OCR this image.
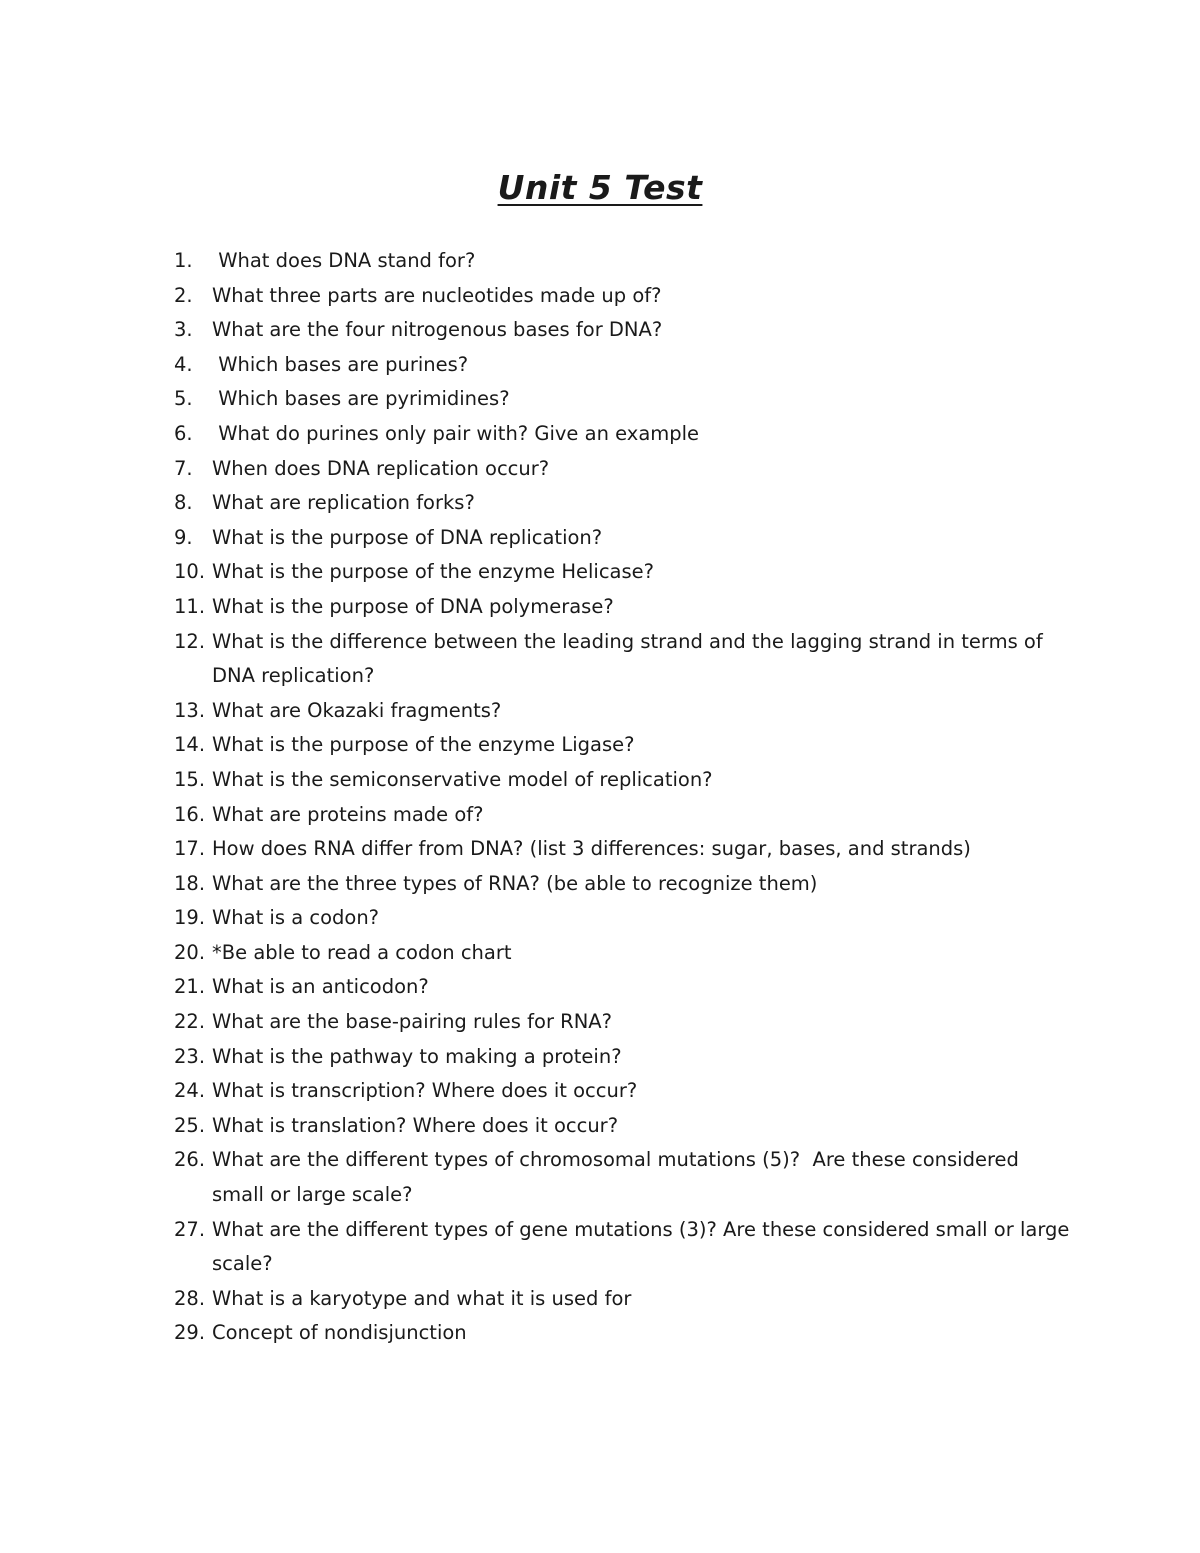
Unit 5 Test
1. What does DNA stand for?
2. What three parts are nucleotides made up of?
3. What are the four nitrogenous bases for DNA?
4. Which bases are purines?
5. Which bases are pyrimidines?
6. What do purines only pair with? Give an example
7. When does DNA replication occur?
8. What are replication forks?
9. What is the purpose of DNA replication?
10. What is the purpose of the enzyme Helicase?
11. What is the purpose of DNA polymerase?
12. What is the difference between the leading strand and the lagging strand in terms of DNA replication?
13. What are Okazaki fragments?
14. What is the purpose of the enzyme Ligase?
15. What is the semiconservative model of replication?
16. What are proteins made of?
17. How does RNA differ from DNA? (list 3 differences: sugar, bases, and strands)
18. What are the three types of RNA? (be able to recognize them)
19. What is a codon?
20. *Be able to read a codon chart
21. What is an anticodon?
22. What are the base-pairing rules for RNA?
23. What is the pathway to making a protein?
24. What is transcription? Where does it occur?
25. What is translation? Where does it occur?
26. What are the different types of chromosomal mutations (5)?  Are these considered small or large scale?
27. What are the different types of gene mutations (3)? Are these considered small or large scale?
28. What is a karyotype and what it is used for
29. Concept of nondisjunction
